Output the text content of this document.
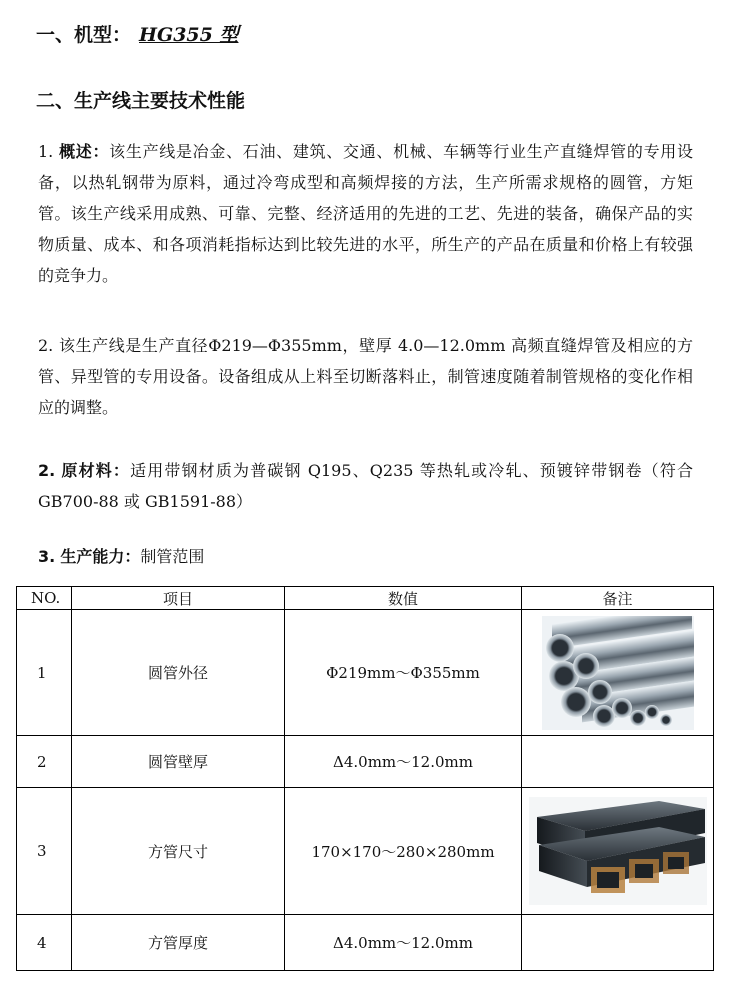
一、机型： HG355 型
二、生产线主要技术性能
1. 概述：该生产线是冶金、石油、建筑、交通、机械、车辆等行业生产直缝焊管的专用设备，以热轧钢带为原料，通过冷弯成型和高频焊接的方法，生产所需求规格的圆管，方矩管。该生产线采用成熟、可靠、完整、经济适用的先进的工艺、先进的装备，确保产品的实物质量、成本、和各项消耗指标达到比较先进的水平，所生产的产品在质量和价格上有较强的竞争力。
2. 该生产线是生产直径Φ219—Φ355mm，壁厚 4.0—12.0mm 高频直缝焊管及相应的方管、异型管的专用设备。设备组成从上料至切断落料止，制管速度随着制管规格的变化作相应的调整。
2. 原材料：适用带钢材质为普碳钢 Q195、Q235 等热轧或冷轧、预镀锌带钢卷（符合 GB700-88 或 GB1591-88）
3. 生产能力：制管范围
NO.	项目	数值	备注
1	圆管外径	Φ219mm～Φ355mm	

2	圆管壁厚	Δ4.0mm～12.0mm	
3	方管尺寸	170×170～280×280mm	

4	方管厚度	Δ4.0mm～12.0mm	
